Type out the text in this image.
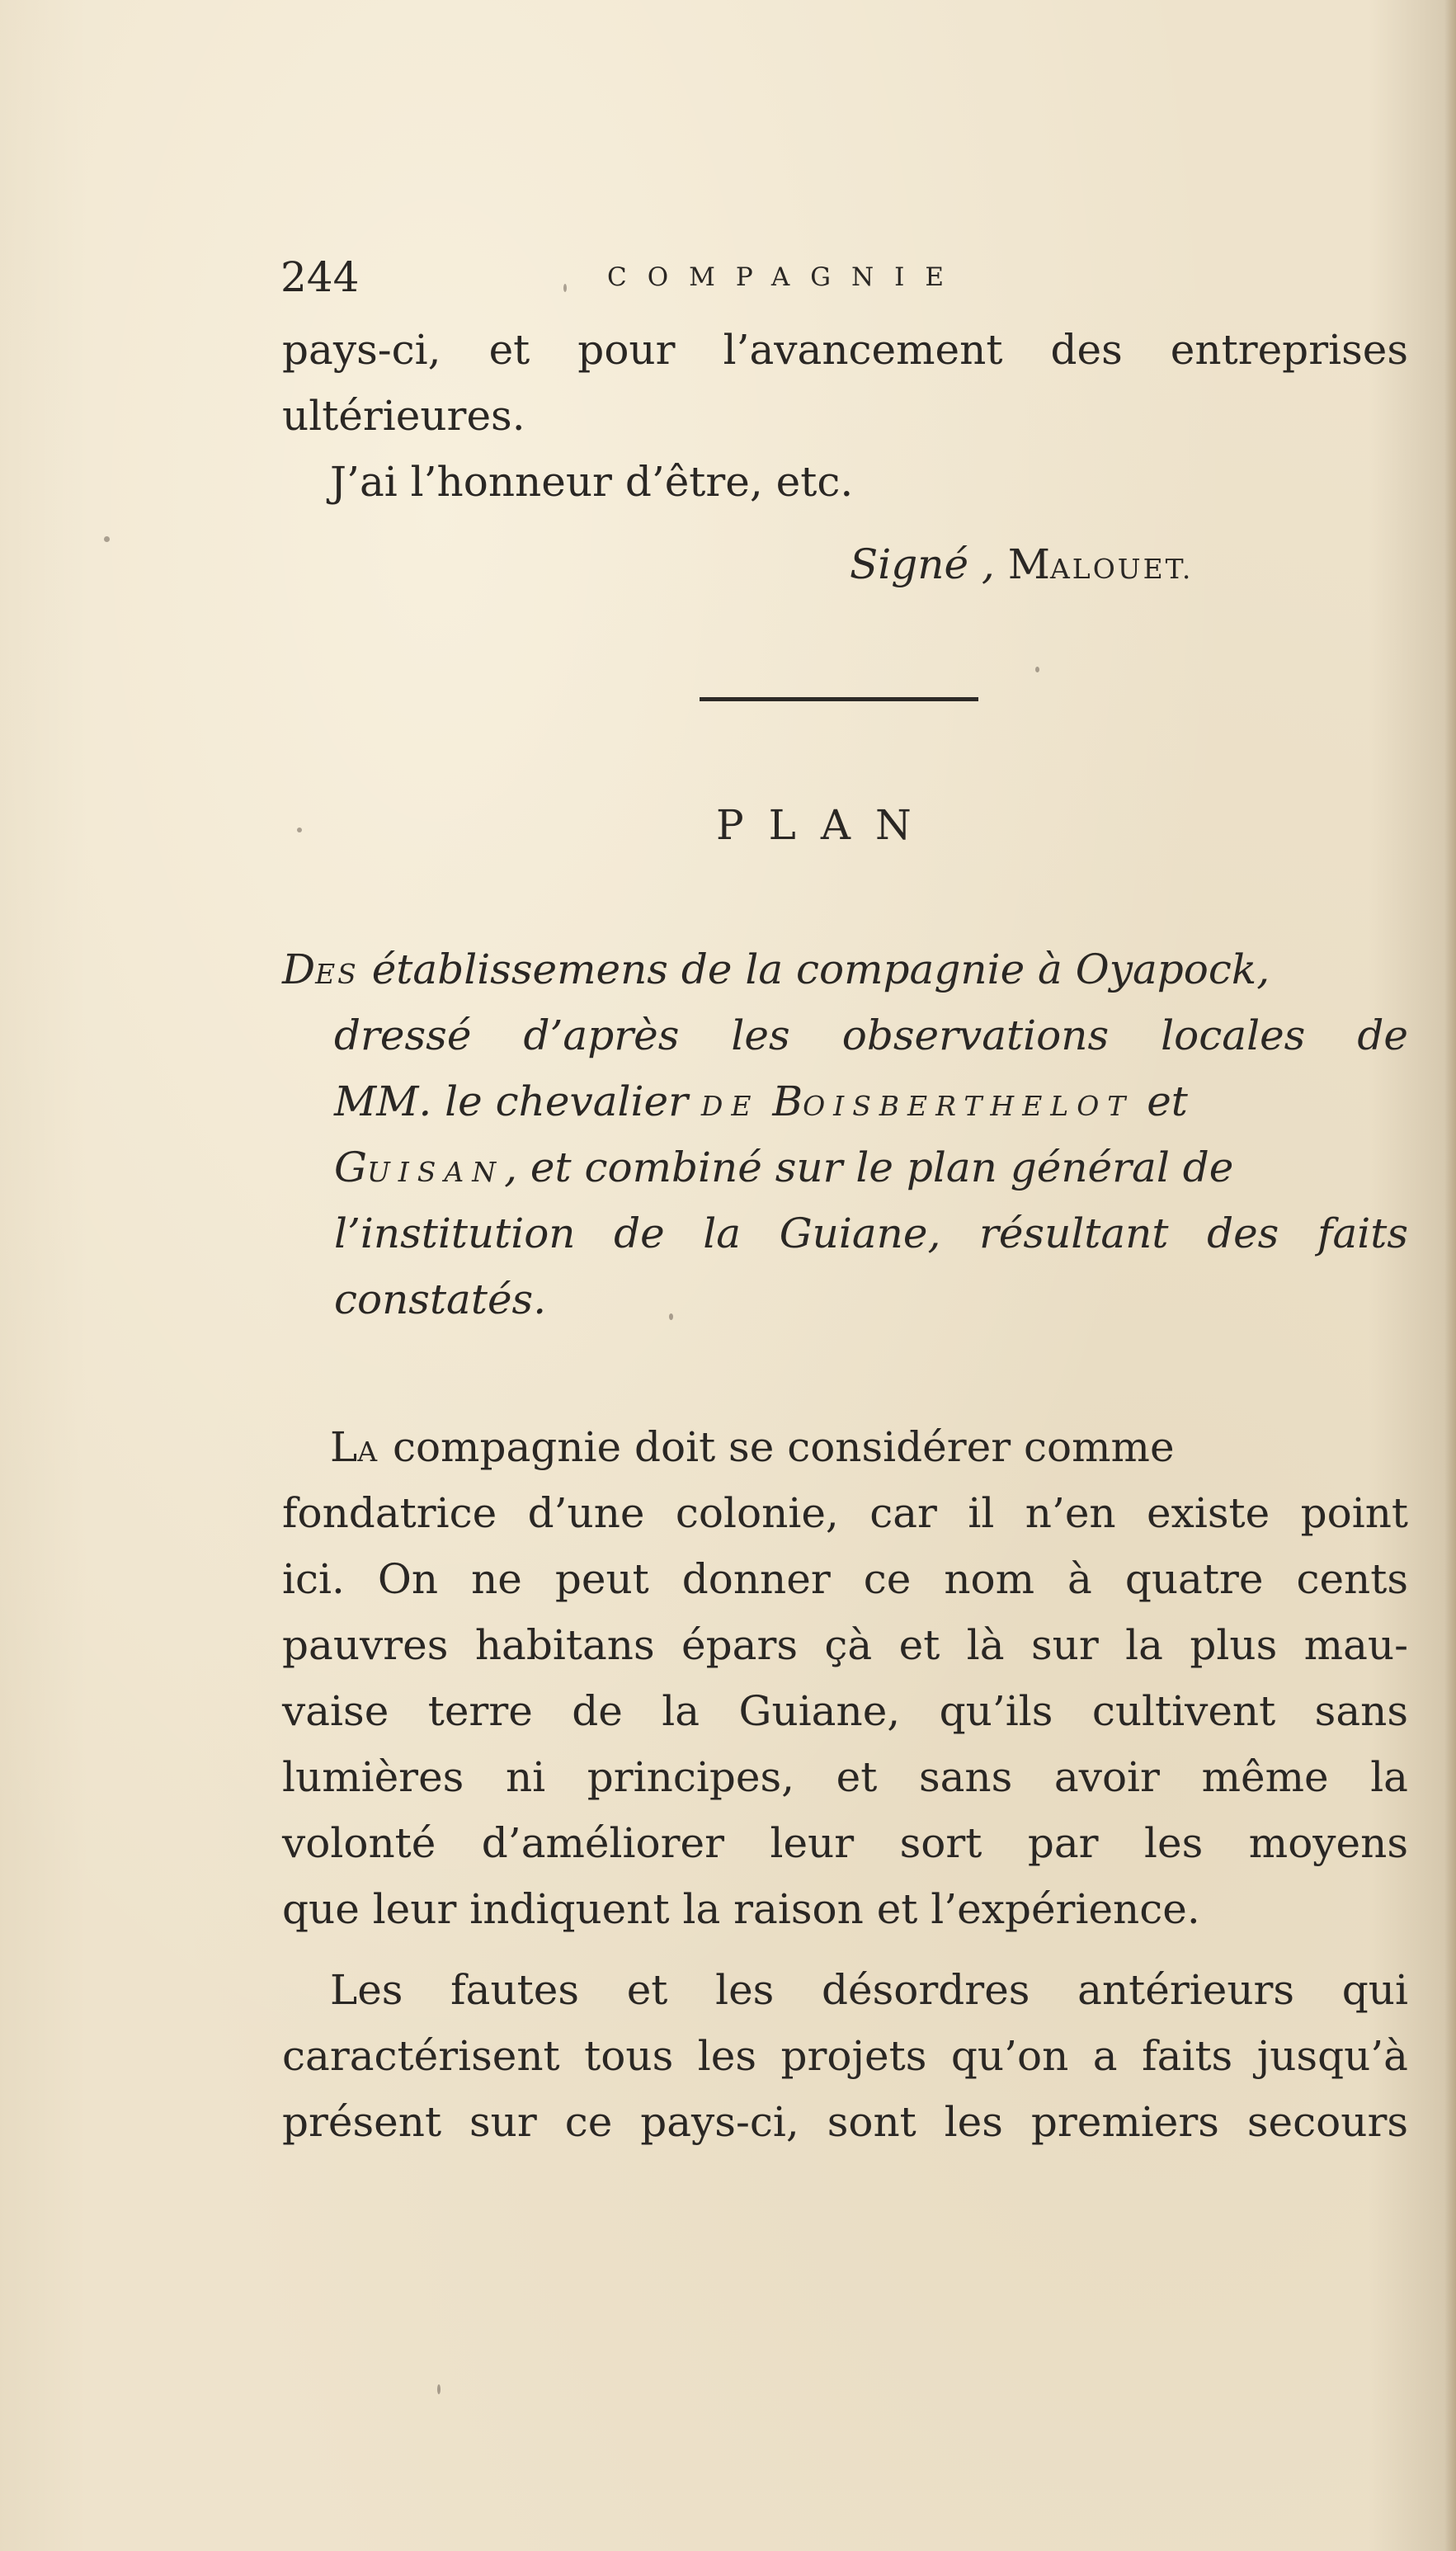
244	COMPAGNIE
pays-ci, et pour l’avancement des entreprises
ultérieures.
J’ai l’honneur d’être, etc.
Signé , MALOUET.
PLAN
DES établissemens de la compagnie à Oyapock,
dressé d’après les observations locales de
MM. le chevalier DE BOISBERTHELOT et
GUISAN, et combiné sur le plan général de
l’institution de la Guiane, résultant des faits
constatés.
LA compagnie doit se considérer comme
fondatrice d’une colonie, car il n’en existe point
ici. On ne peut donner ce nom à quatre cents
pauvres habitans épars çà et là sur la plus mau-
vaise terre de la Guiane, qu’ils cultivent sans
lumières ni principes, et sans avoir même la
volonté d’améliorer leur sort par les moyens
que leur indiquent la raison et l’expérience.
Les fautes et les désordres antérieurs qui
caractérisent tous les projets qu’on a faits jusqu’à
présent sur ce pays-ci, sont les premiers secours
